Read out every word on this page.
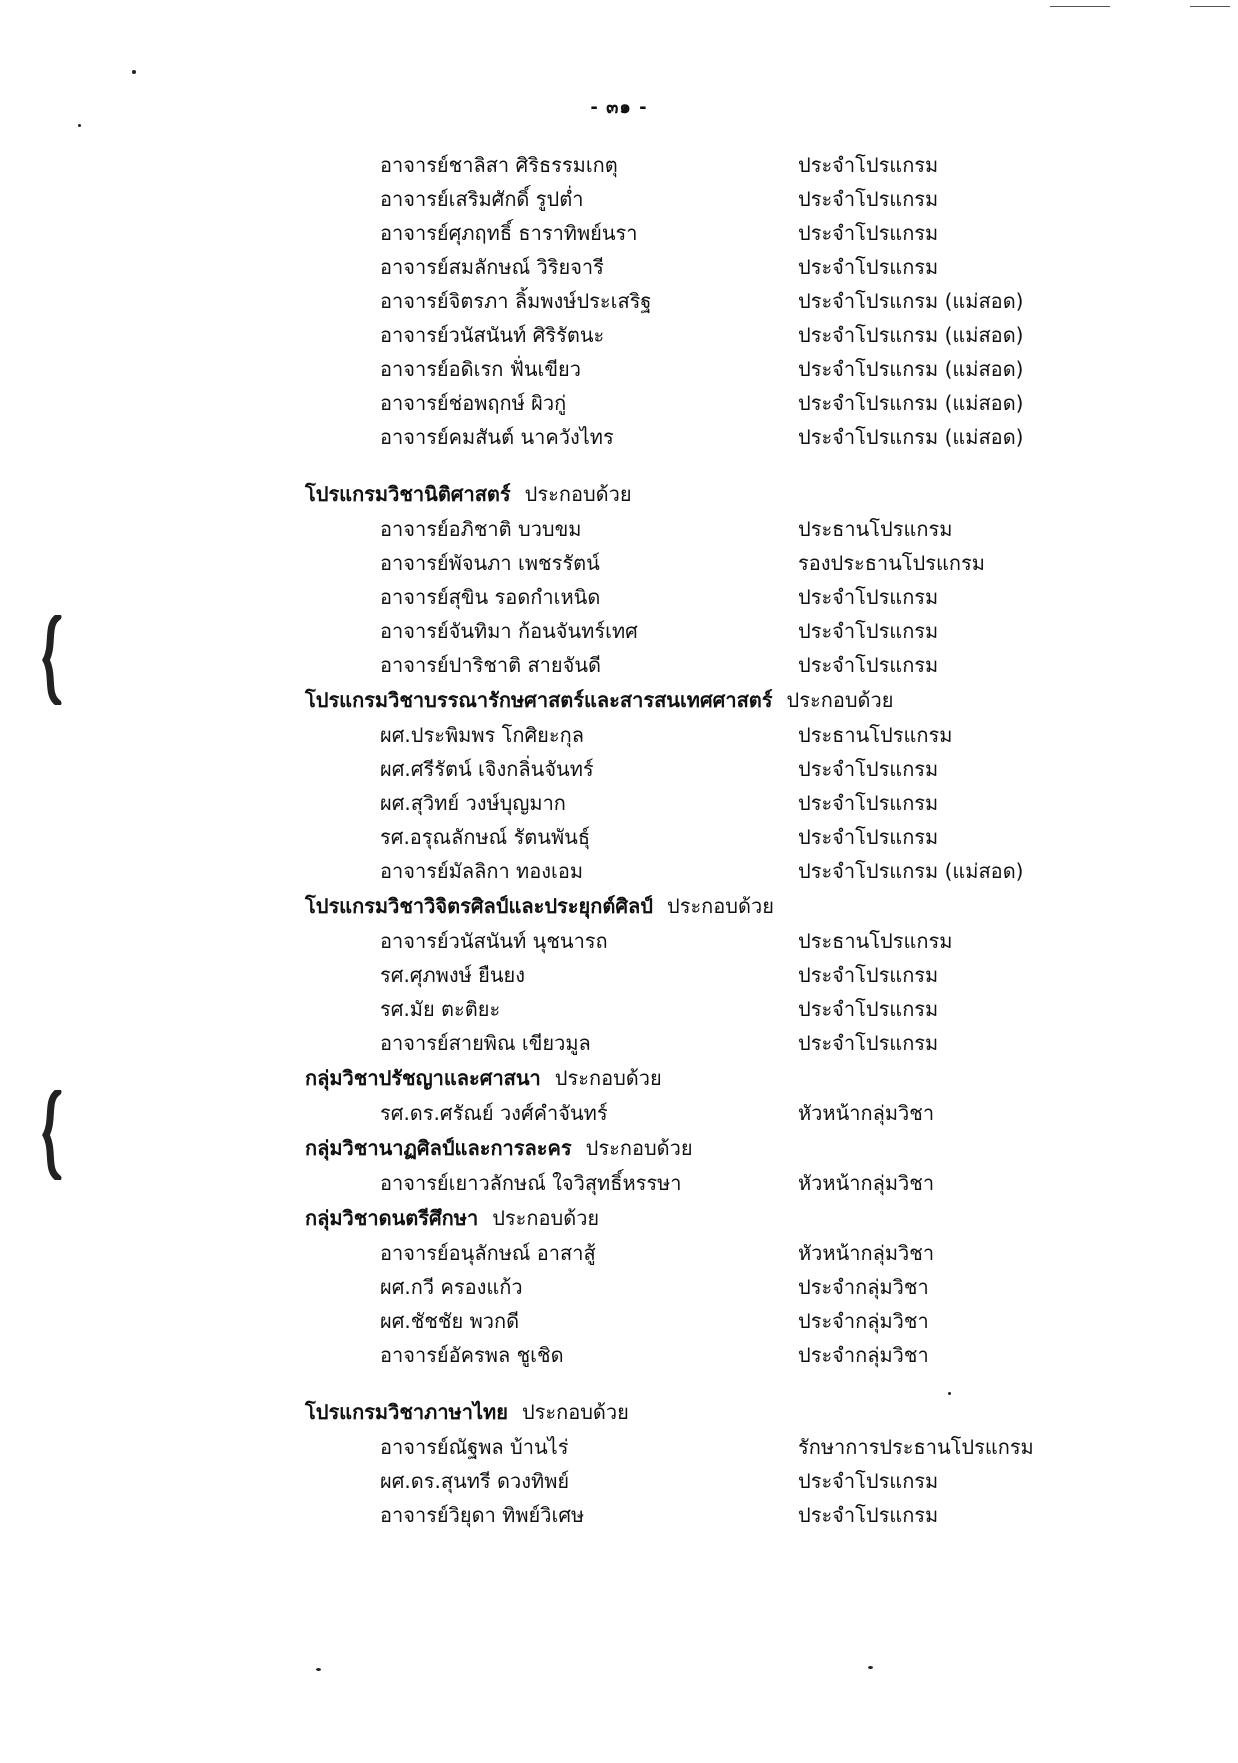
- ๓๑ -
อาจารย์ชาลิสา ศิริธรรมเกตุ	ประจำโปรแกรม
อาจารย์เสริมศักดิ์ รูปต่ำ	ประจำโปรแกรม
อาจารย์ศุภฤทธิ์ ธาราทิพย์นรา	ประจำโปรแกรม
อาจารย์สมลักษณ์ วิริยจารี	ประจำโปรแกรม
อาจารย์จิตรภา ลิ้มพงษ์ประเสริฐ	ประจำโปรแกรม (แม่สอด)
อาจารย์วนัสนันท์ ศิริรัตนะ	ประจำโปรแกรม (แม่สอด)
อาจารย์อดิเรก ฟั่นเขียว	ประจำโปรแกรม (แม่สอด)
อาจารย์ช่อพฤกษ์ ผิวกู่	ประจำโปรแกรม (แม่สอด)
อาจารย์คมสันต์ นาควังไทร	ประจำโปรแกรม (แม่สอด)
โปรแกรมวิชานิติศาสตร์ ประกอบด้วย
อาจารย์อภิชาติ บวบขม	ประธานโปรแกรม
อาจารย์พัจนภา เพชรรัตน์	รองประธานโปรแกรม
อาจารย์สุขิน รอดกำเหนิด	ประจำโปรแกรม
อาจารย์จันทิมา ก้อนจันทร์เทศ	ประจำโปรแกรม
อาจารย์ปาริชาติ สายจันดี	ประจำโปรแกรม
โปรแกรมวิชาบรรณารักษศาสตร์และสารสนเทศศาสตร์ ประกอบด้วย
ผศ.ประพิมพร โกศิยะกุล	ประธานโปรแกรม
ผศ.ศรีรัตน์ เจิงกลิ่นจันทร์	ประจำโปรแกรม
ผศ.สุวิทย์ วงษ์บุญมาก	ประจำโปรแกรม
รศ.อรุณลักษณ์ รัตนพันธุ์	ประจำโปรแกรม
อาจารย์มัลลิกา ทองเอม	ประจำโปรแกรม (แม่สอด)
โปรแกรมวิชาวิจิตรศิลป์และประยุกต์ศิลป์ ประกอบด้วย
อาจารย์วนัสนันท์ นุชนารถ	ประธานโปรแกรม
รศ.ศุภพงษ์ ยืนยง	ประจำโปรแกรม
รศ.มัย ตะติยะ	ประจำโปรแกรม
อาจารย์สายพิณ เขียวมูล	ประจำโปรแกรม
กลุ่มวิชาปรัชญาและศาสนา ประกอบด้วย
รศ.ดร.ศรัณย์ วงศ์คำจันทร์	หัวหน้ากลุ่มวิชา
กลุ่มวิชานาฏศิลป์และการละคร ประกอบด้วย
อาจารย์เยาวลักษณ์ ใจวิสุทธิ์หรรษา	หัวหน้ากลุ่มวิชา
กลุ่มวิชาดนตรีศึกษา ประกอบด้วย
อาจารย์อนุลักษณ์ อาสาสู้	หัวหน้ากลุ่มวิชา
ผศ.กวี ครองแก้ว	ประจำกลุ่มวิชา
ผศ.ชัชชัย พวกดี	ประจำกลุ่มวิชา
อาจารย์อัครพล ชูเชิด	ประจำกลุ่มวิชา
โปรแกรมวิชาภาษาไทย ประกอบด้วย
อาจารย์ณัฐพล บ้านไร่	รักษาการประธานโปรแกรม
ผศ.ดร.สุนทรี ดวงทิพย์	ประจำโปรแกรม
อาจารย์วิยุดา ทิพย์วิเศษ	ประจำโปรแกรม
